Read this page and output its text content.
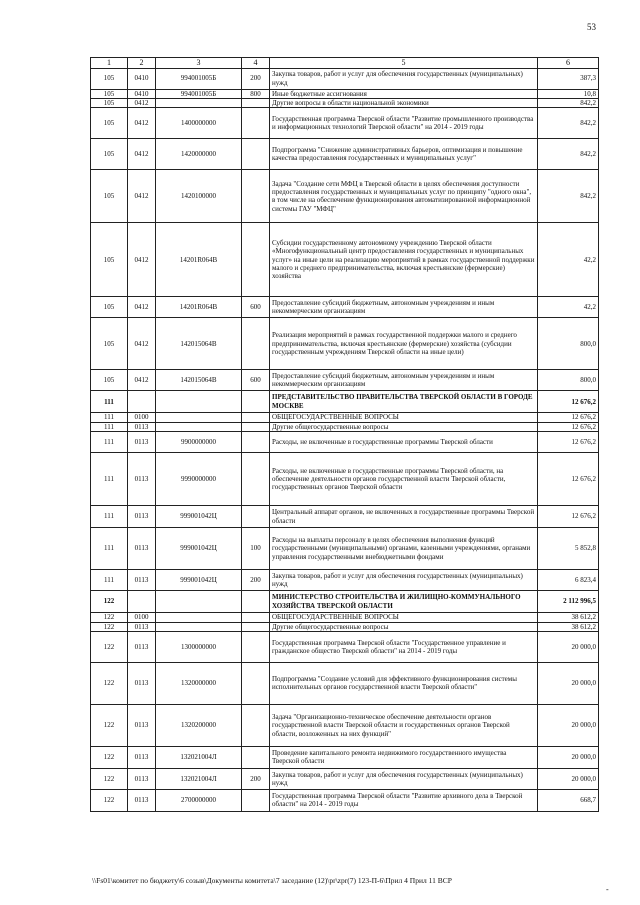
53
1	2	3	4	5	6
105	0410	994001005Б	200	Закупка товаров, работ и услуг для обеспечения государственных (муниципальных) нужд	387,3
105	0410	994001005Б	800	Иные бюджетные ассигнования	10,8
105	0412			Другие вопросы в области национальной экономики	842,2
105	0412	1400000000		Государственная программа Тверской области "Развитие промышленного производства и информационных технологий Тверской области" на 2014 - 2019 годы	842,2
105	0412	1420000000		Подпрограмма "Снижение административных барьеров, оптимизация и повышение качества предоставления государственных и муниципальных услуг"	842,2
105	0412	1420100000		Задача "Создание сети МФЦ в Тверской области в целях обеспечения доступности предоставления государственных и муниципальных услуг по принципу "одного окна", в том числе на обеспечение функционирования автоматизированной информационной системы ГАУ "МФЦ"	842,2
105	0412	14201R064В		Субсидии государственному автономному учреждению Тверской области «Многофункциональный центр предоставления государственных и муниципальных услуг» на иные цели на реализацию мероприятий в рамках государственной поддержки малого и среднего предпринимательства, включая крестьянские (фермерские) хозяйства	42,2
105	0412	14201R064В	600	Предоставление субсидий бюджетным, автономным учреждениям и иным некоммерческим организациям	42,2
105	0412	142015064В		Реализация мероприятий в рамках государственной поддержки малого и среднего предпринимательства, включая крестьянские (фермерские) хозяйства (субсидии государственным учреждениям Тверской области на иные цели)	800,0
105	0412	142015064В	600	Предоставление субсидий бюджетным, автономным учреждениям и иным некоммерческим организациям	800,0
111				ПРЕДСТАВИТЕЛЬСТВО ПРАВИТЕЛЬСТВА ТВЕРСКОЙ ОБЛАСТИ В ГОРОДЕ МОСКВЕ	12 676,2
111	0100			ОБЩЕГОСУДАРСТВЕННЫЕ ВОПРОСЫ	12 676,2
111	0113			Другие общегосударственные вопросы	12 676,2
111	0113	9900000000		Расходы, не включенные в государственные программы Тверской области	12 676,2
111	0113	9990000000		Расходы, не включенные в государственные программы Тверской области, на обеспечение деятельности органов государственной власти Тверской области, государственных органов Тверской области	12 676,2
111	0113	999001042Ц		Центральный аппарат органов, не включенных в государственные программы Тверской области	12 676,2
111	0113	999001042Ц	100	Расходы на выплаты персоналу в целях обеспечения выполнения функций государственными (муниципальными) органами, казенными учреждениями, органами управления государственными внебюджетными фондами	5 852,8
111	0113	999001042Ц	200	Закупка товаров, работ и услуг для обеспечения государственных (муниципальных) нужд	6 823,4
122				МИНИСТЕРСТВО СТРОИТЕЛЬСТВА И ЖИЛИЩНО-КОММУНАЛЬНОГО ХОЗЯЙСТВА ТВЕРСКОЙ ОБЛАСТИ	2 112 996,5
122	0100			ОБЩЕГОСУДАРСТВЕННЫЕ ВОПРОСЫ	38 612,2
122	0113			Другие общегосударственные вопросы	38 612,2
122	0113	1300000000		Государственная программа Тверской области "Государственное управление и гражданское общество Тверской области" на 2014 - 2019 годы	20 000,0
122	0113	1320000000		Подпрограмма "Создание условий для эффективного функционирования системы исполнительных органов государственной власти Тверской области"	20 000,0
122	0113	1320200000		Задача "Организационно-техническое обеспечение деятельности органов государственной власти Тверской области и государственных органов Тверской области, возложенных на них функций"	20 000,0
122	0113	132021004Л		Проведение капитального ремонта недвижимого государственного имущества Тверской области	20 000,0
122	0113	132021004Л	200	Закупка товаров, работ и услуг для обеспечения государственных (муниципальных) нужд	20 000,0
122	0113	2700000000		Государственная программа Тверской области "Развитие архивного дела в Тверской области" на 2014 - 2019 годы	668,7
\\Fs01\комитет по бюджету\6 созыв\Документы комитета\7 заседание (12)\pr\zpr(7) 123-П-6\Прил 4 Прил 11 ВСР
-
